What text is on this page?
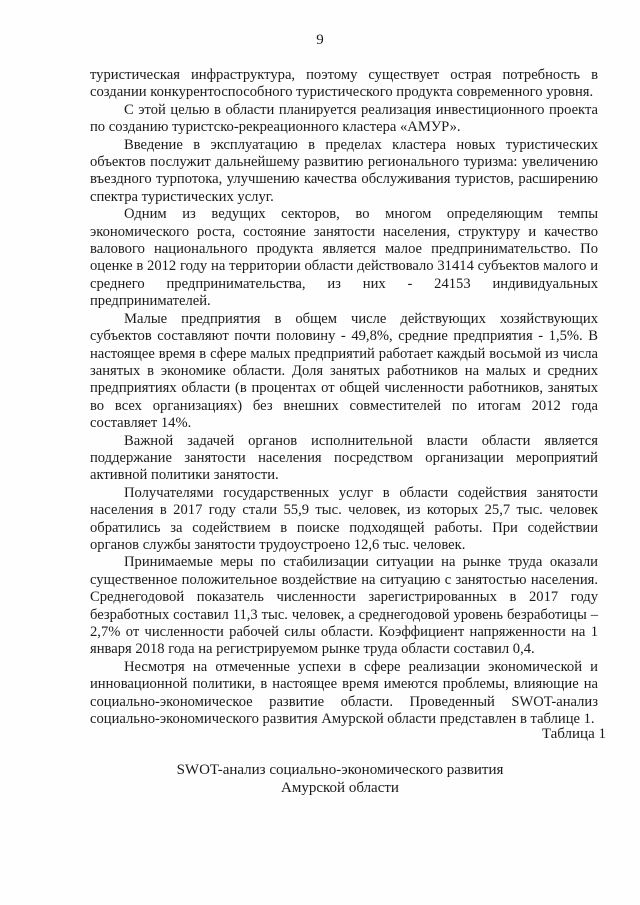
9

туристическая инфраструктура, поэтому существует острая потребность в создании конкурентоспособного туристического продукта современного уровня.

С этой целью в области планируется реализация инвестиционного проекта по созданию туристско-рекреационного кластера «АМУР».

Введение в эксплуатацию в пределах кластера новых туристических объектов послужит дальнейшему развитию регионального туризма: увеличению въездного турпотока, улучшению качества обслуживания туристов, расширению спектра туристических услуг.

Одним из ведущих секторов, во многом определяющим темпы экономического роста, состояние занятости населения, структуру и качество валового национального продукта является малое предпринимательство. По оценке в 2012 году на территории области действовало 31414 субъектов малого и среднего предпринимательства, из них - 24153 индивидуальных предпринимателей.

Малые предприятия в общем числе действующих хозяйствующих субъектов составляют почти половину - 49,8%, средние предприятия - 1,5%. В настоящее время в сфере малых предприятий работает каждый восьмой из числа занятых в экономике области. Доля занятых работников на малых и средних предприятиях области (в процентах от общей численности работников, занятых во всех организациях) без внешних совместителей по итогам 2012 года составляет 14%.

Важной задачей органов исполнительной власти области является поддержание занятости населения посредством организации мероприятий активной политики занятости.

Получателями государственных услуг в области содействия занятости населения в 2017 году стали 55,9 тыс. человек, из которых 25,7 тыс. человек обратились за содействием в поиске подходящей работы. При содействии органов службы занятости трудоустроено 12,6 тыс. человек.

Принимаемые меры по стабилизации ситуации на рынке труда оказали существенное положительное воздействие на ситуацию с занятостью населения. Среднегодовой показатель численности зарегистрированных в 2017 году безработных составил 11,3 тыс. человек, а среднегодовой уровень безработицы – 2,7% от численности рабочей силы области. Коэффициент напряженности на 1 января 2018 года на регистрируемом рынке труда области составил 0,4.

Несмотря на отмеченные успехи в сфере реализации экономической и инновационной политики, в настоящее время имеются проблемы, влияющие на социально-экономическое развитие области. Проведенный SWOT-анализ социально-экономического развития Амурской области представлен в таблице 1.

Таблица 1
SWOT-анализ социально-экономического развития
Амурской области
